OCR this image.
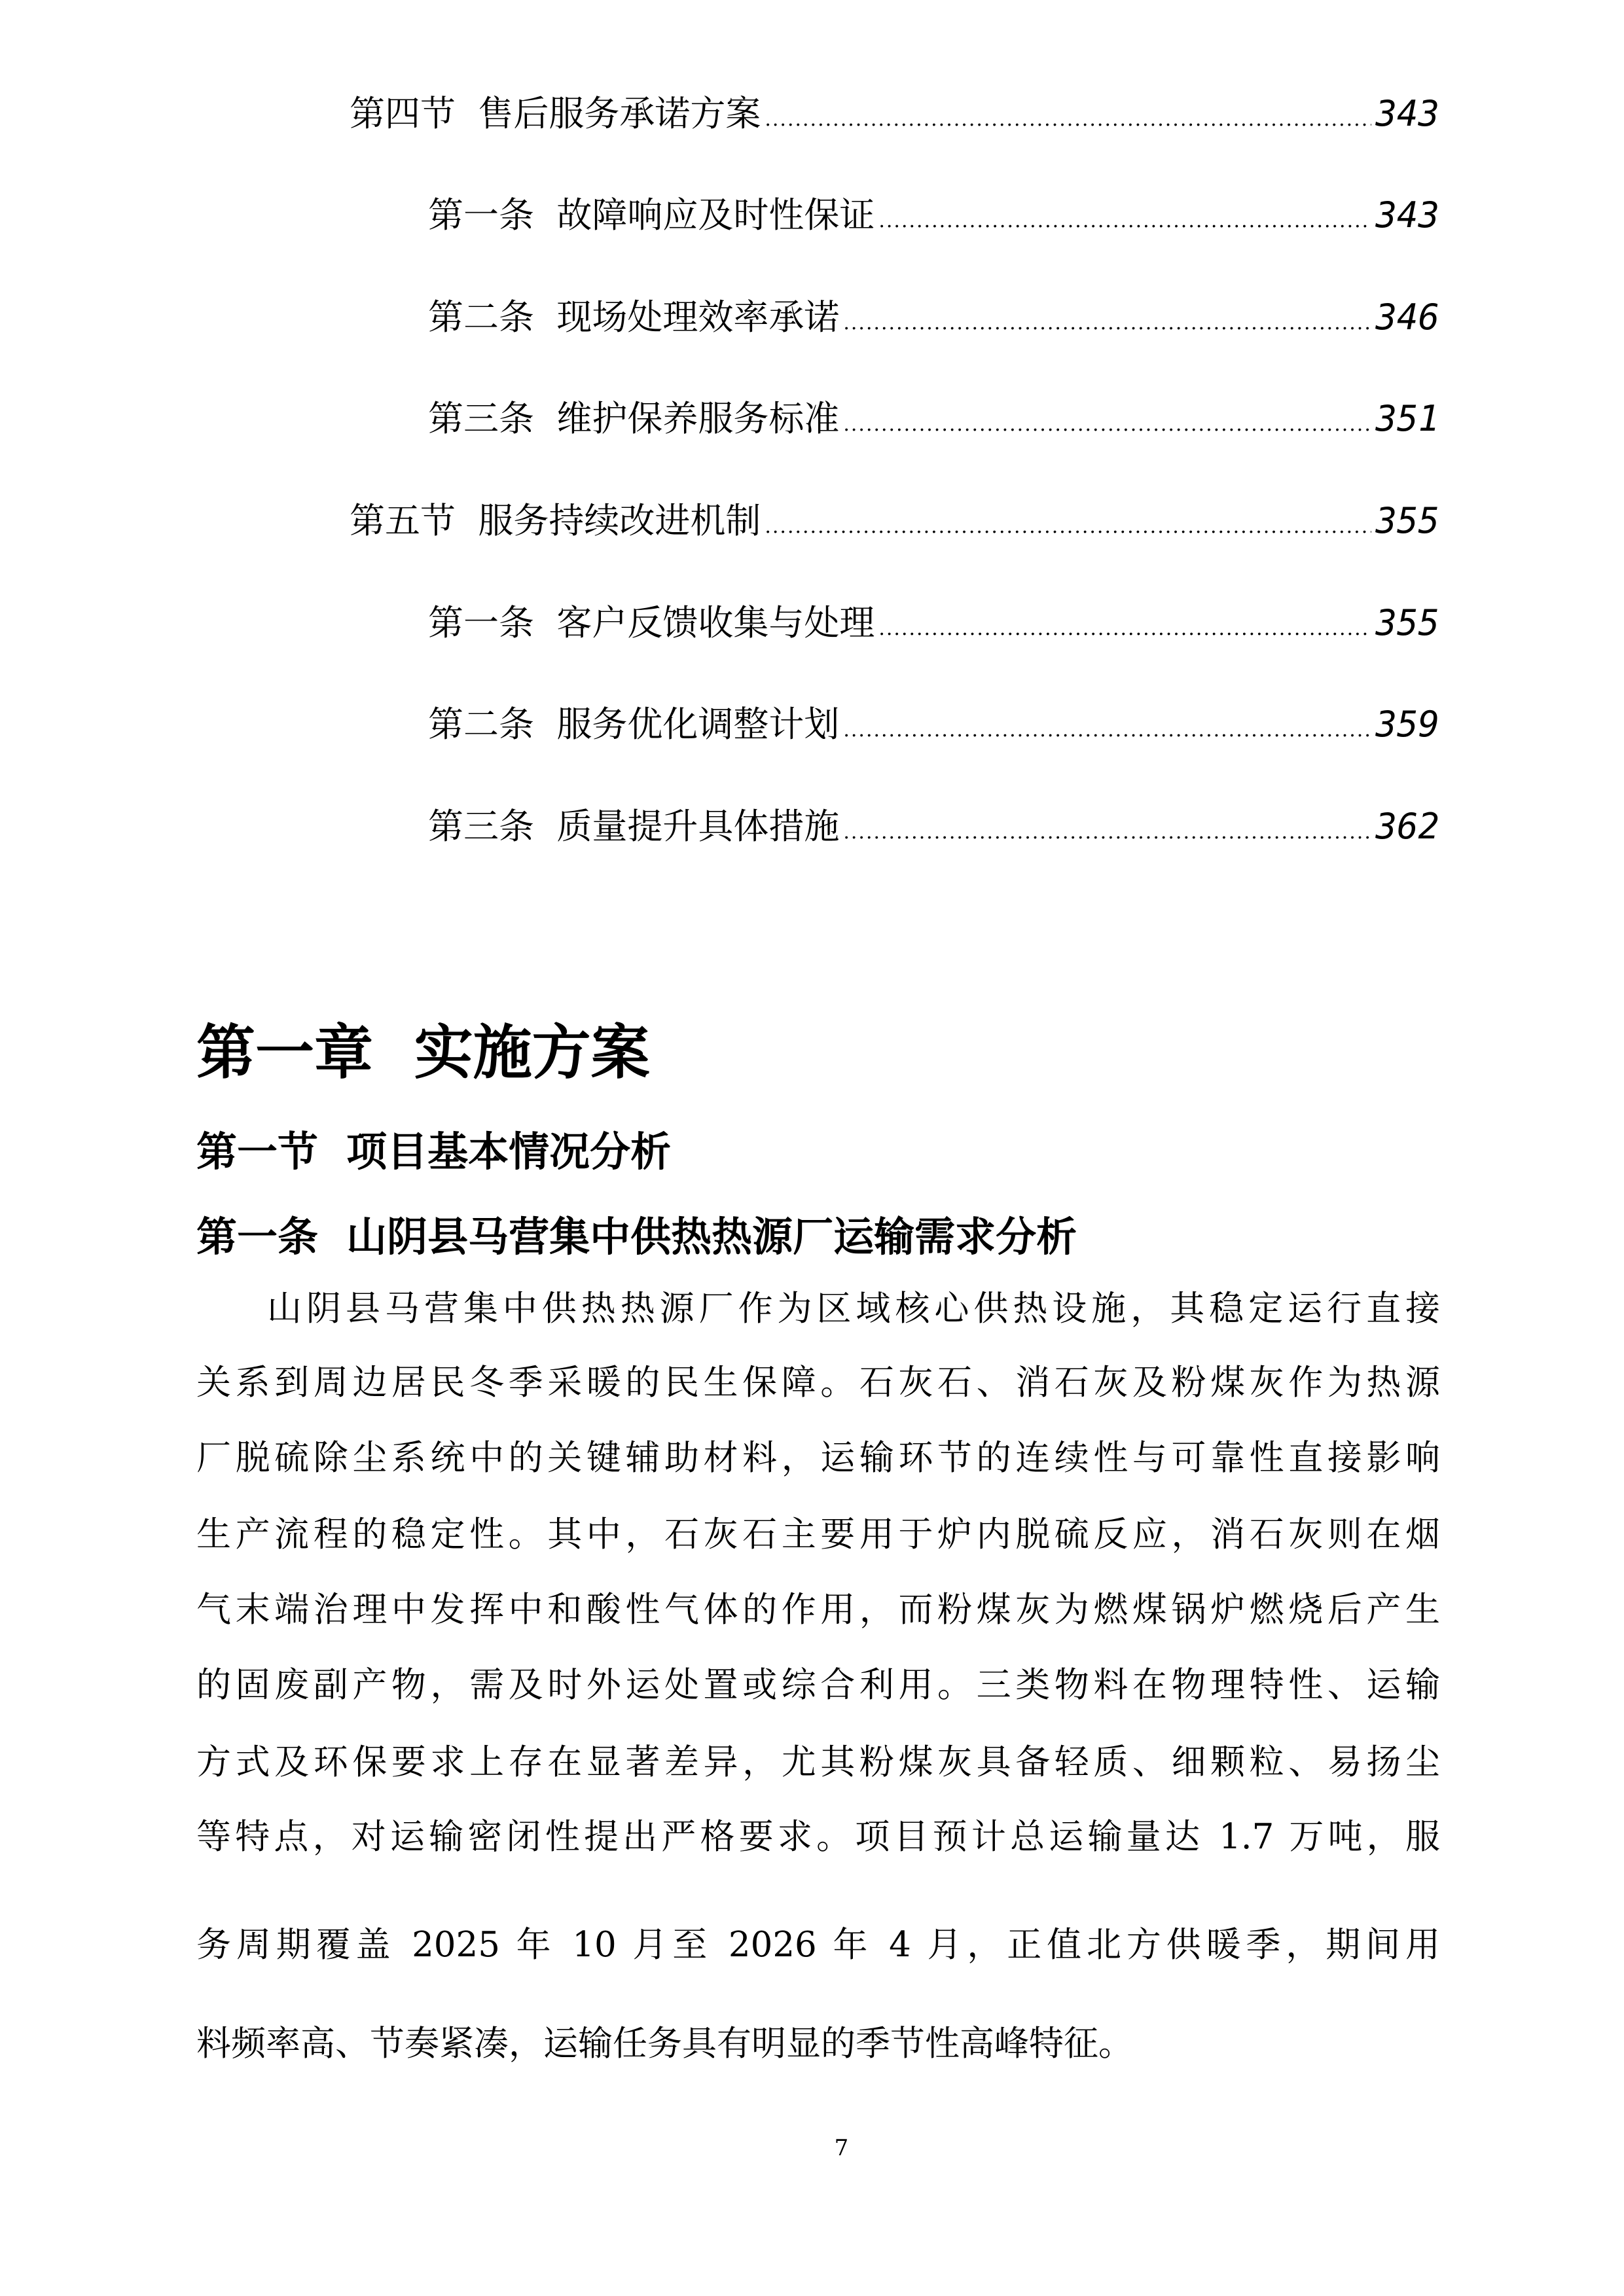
第四节  售后服务承诺方案 .....	343
第一条  故障响应及时性保证 .....	343
第二条  现场处理效率承诺 .....	346
第三条  维护保养服务标准 .....	351
第五节  服务持续改进机制 .....	355
第一条  客户反馈收集与处理 .....	355
第二条  服务优化调整计划 .....	359
第三条  质量提升具体措施 .....	362
第一章  实施方案
第一节  项目基本情况分析
第一条  山阴县马营集中供热热源厂运输需求分析
山阴县马营集中供热热源厂作为区域核心供热设施，其稳定运行直接
关系到周边居民冬季采暖的民生保障。石灰石、消石灰及粉煤灰作为热源
厂脱硫除尘系统中的关键辅助材料，运输环节的连续性与可靠性直接影响
生产流程的稳定性。其中，石灰石主要用于炉内脱硫反应，消石灰则在烟
气末端治理中发挥中和酸性气体的作用，而粉煤灰为燃煤锅炉燃烧后产生
的固废副产物，需及时外运处置或综合利用。三类物料在物理特性、运输
方式及环保要求上存在显著差异，尤其粉煤灰具备轻质、细颗粒、易扬尘
等特点，对运输密闭性提出严格要求。项目预计总运输量达 1.7 万吨，服
务周期覆盖 2025 年 10 月至 2026 年 4 月，正值北方供暖季，期间用
料频率高、节奏紧凑，运输任务具有明显的季节性高峰特征。
7
